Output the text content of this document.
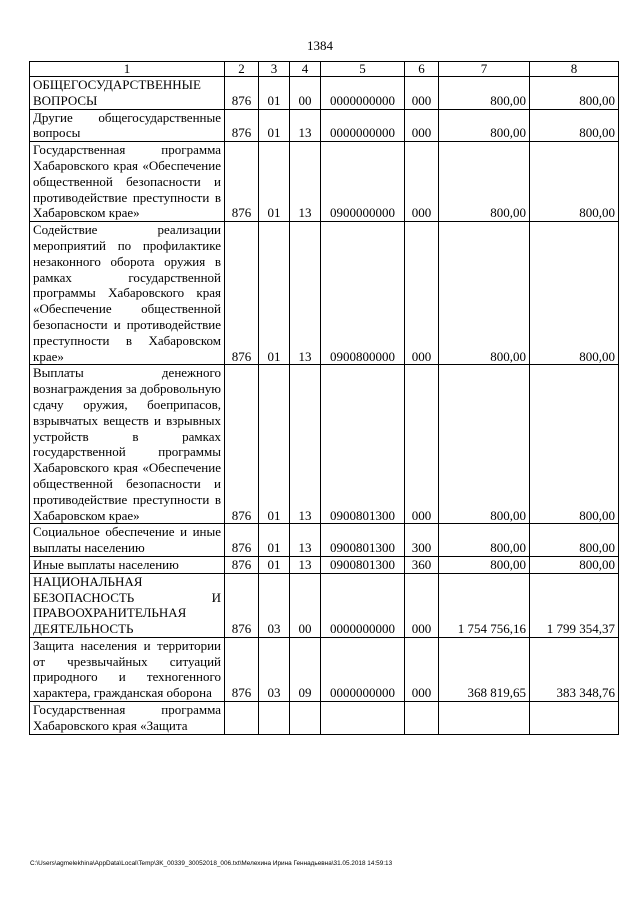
1384
1	2	3	4	5	6	7	8
ОБЩЕГОСУДАРСТВЕННЫЕ ВОПРОСЫ	876	01	00	0000000000	000	800,00	800,00
Другие общегосударственные вопросы	876	01	13	0000000000	000	800,00	800,00
Государственная программа Хабаровского края «Обеспечение общественной безопасности и противодействие преступности в Хабаровском крае»	876	01	13	0900000000	000	800,00	800,00
Содействие реализации мероприятий по профилактике незаконного оборота оружия в рамках государственной программы Хабаровского края «Обеспечение общественной безопасности и противодействие преступности в Хабаровском крае»	876	01	13	0900800000	000	800,00	800,00
Выплаты денежного вознаграждения за добровольную сдачу оружия, боеприпасов, взрывчатых веществ и взрывных устройств в рамках государственной программы Хабаровского края «Обеспечение общественной безопасности и противодействие преступности в Хабаровском крае»	876	01	13	0900801300	000	800,00	800,00
Социальное обеспечение и иные выплаты населению	876	01	13	0900801300	300	800,00	800,00
Иные выплаты населению	876	01	13	0900801300	360	800,00	800,00
НАЦИОНАЛЬНАЯ БЕЗОПАСНОСТЬ И ПРАВООХРАНИТЕЛЬНАЯ ДЕЯТЕЛЬНОСТЬ	876	03	00	0000000000	000	1 754 756,16	1 799 354,37
Защита населения и территории от чрезвычайных ситуаций природного и техногенного характера, гражданская оборона	876	03	09	0000000000	000	368 819,65	383 348,76
Государственная программа Хабаровского края «Защита							
C:\Users\agmelekhina\AppData\Local\Temp\3K_00339_30052018_006.txt\Мелехина Ирина Геннадьевна\31.05.2018 14:59:13
